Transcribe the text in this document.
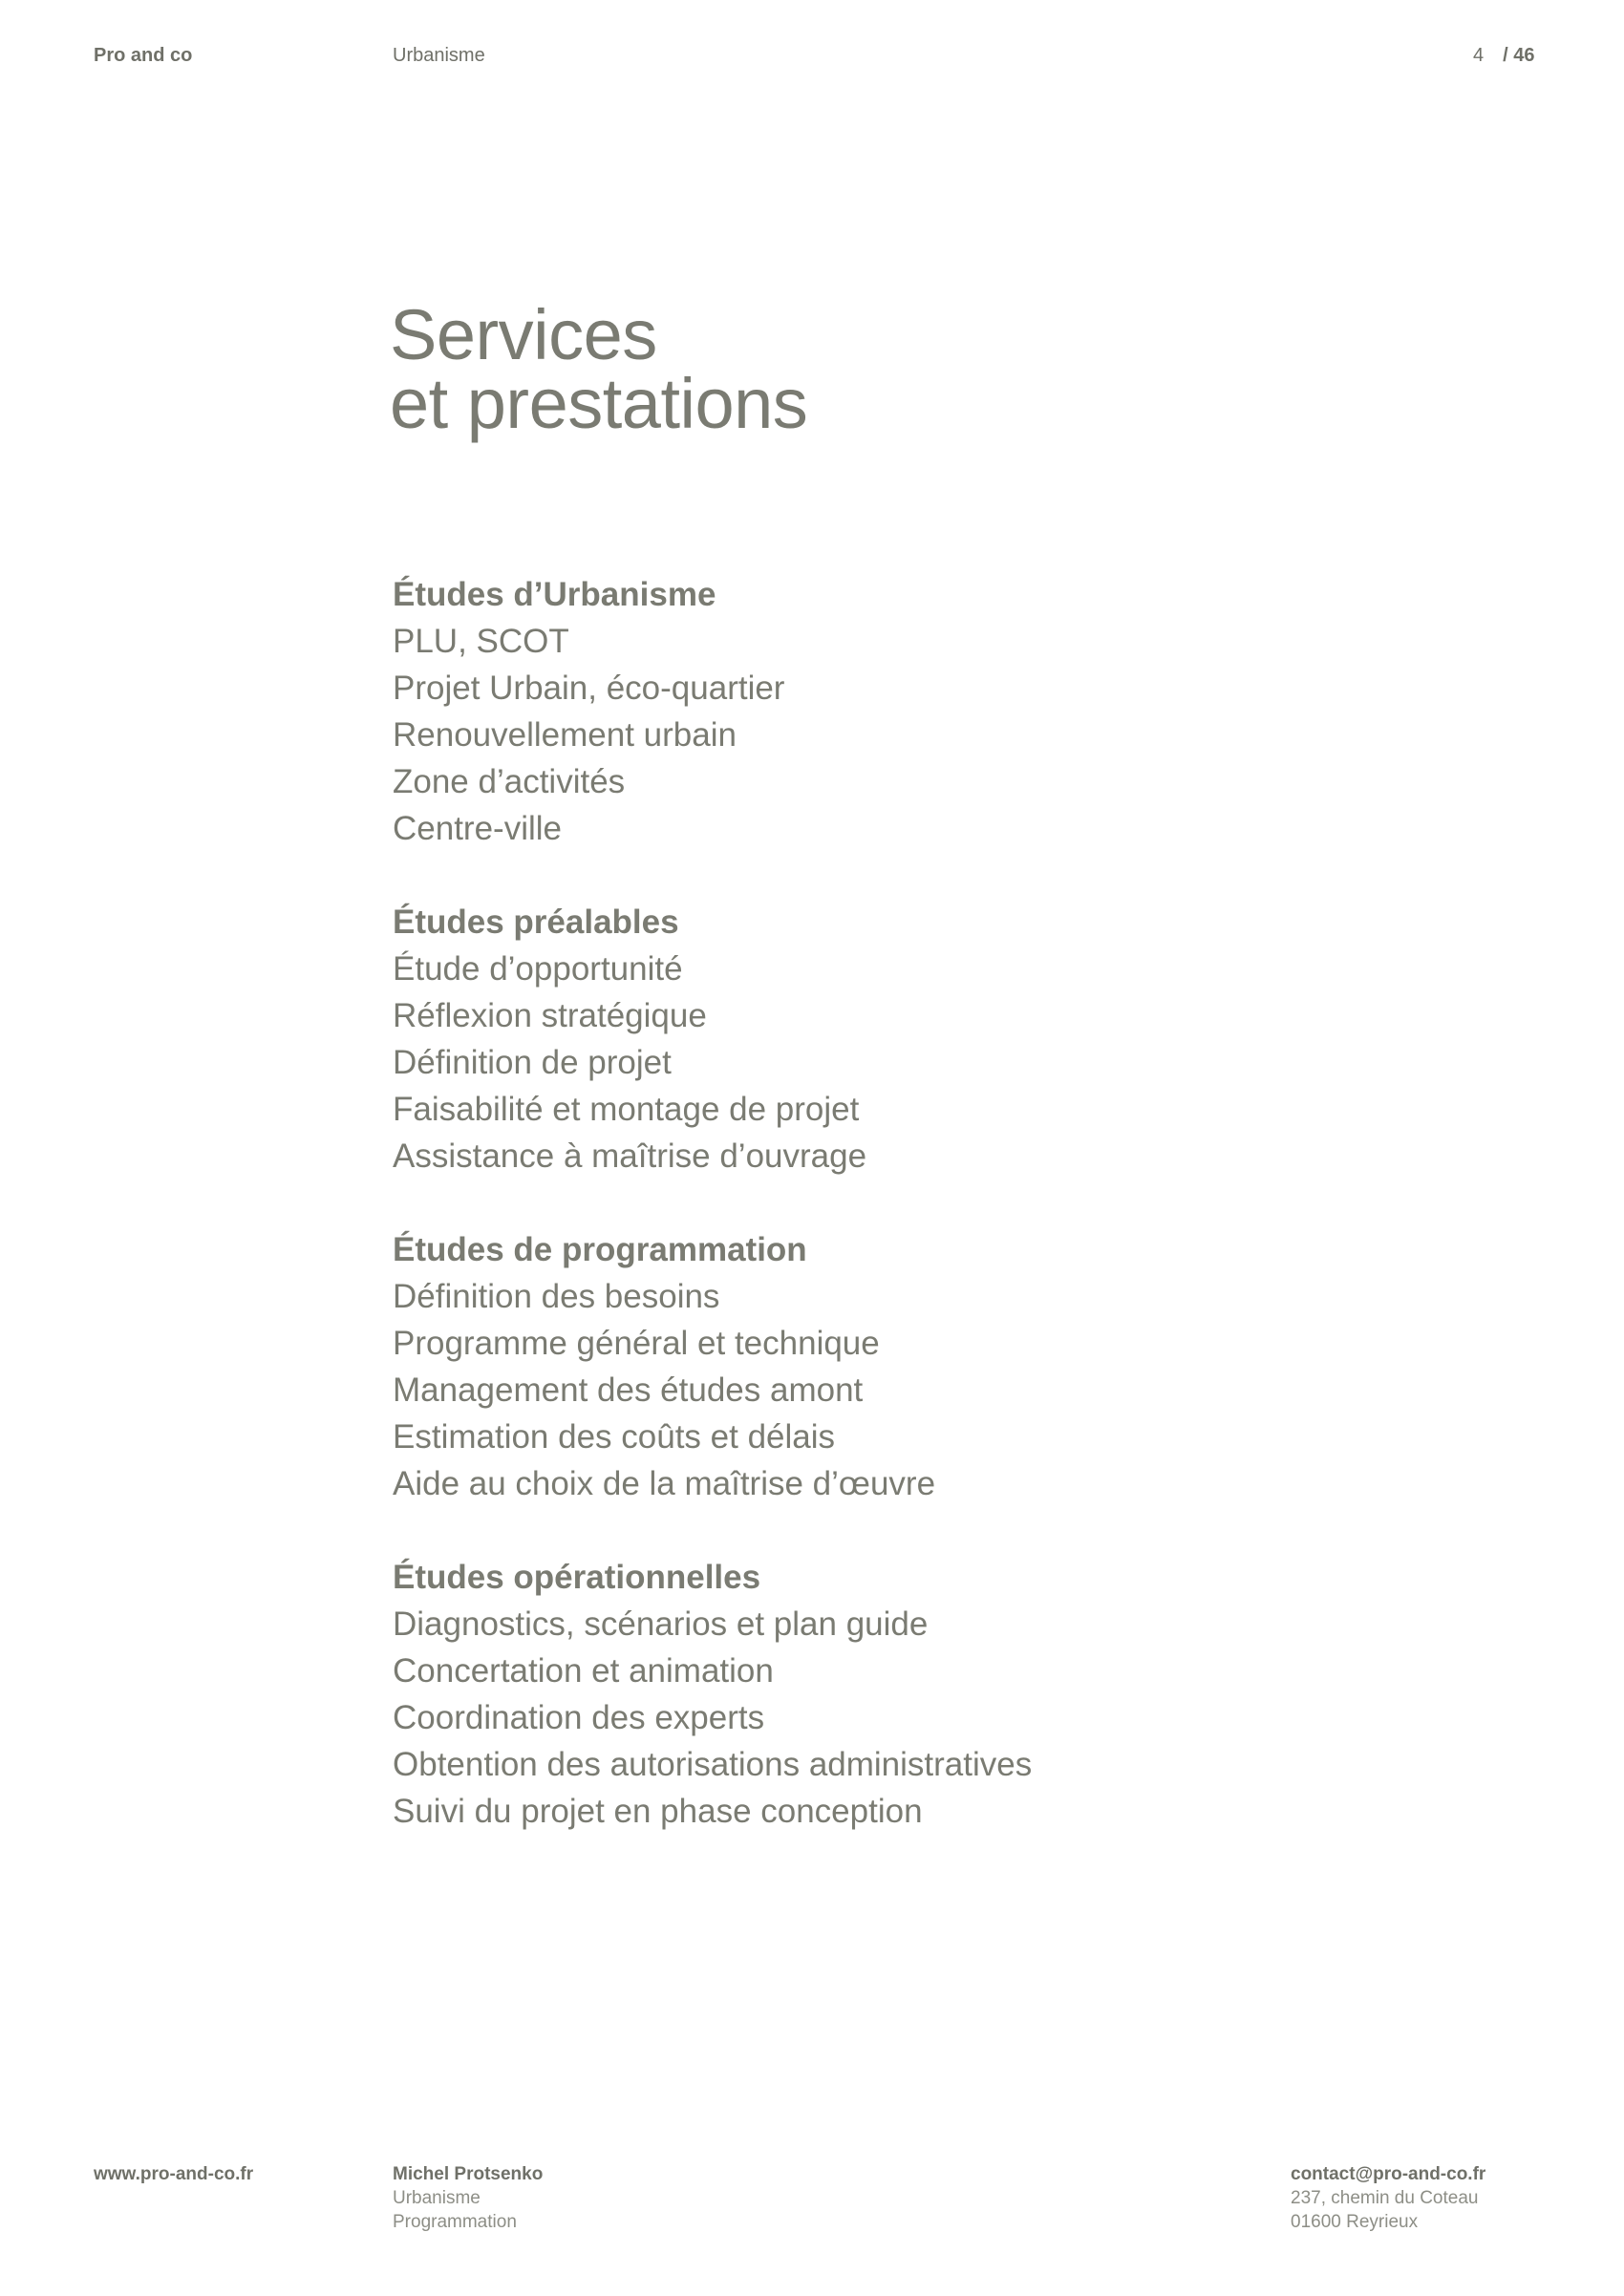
Pro and co	Urbanisme	4 / 46
Services
et prestations
Études d’Urbanisme
PLU, SCOT
Projet Urbain, éco-quartier
Renouvellement urbain
Zone d’activités
Centre-ville
Études préalables
Étude d’opportunité
Réflexion stratégique
Définition de projet
Faisabilité et montage de projet
Assistance à maîtrise d’ouvrage
Études de programmation
Définition des besoins
Programme général et technique
Management des études amont
Estimation des coûts et délais
Aide au choix de la maîtrise d’œuvre
Études opérationnelles
Diagnostics, scénarios et plan guide
Concertation et animation
Coordination des experts
Obtention des autorisations administratives
Suivi du projet en phase conception
www.pro-and-co.fr	Michel Protsenko
Urbanisme
Programmation
contact@pro-and-co.fr
237, chemin du Coteau
01600 Reyrieux
